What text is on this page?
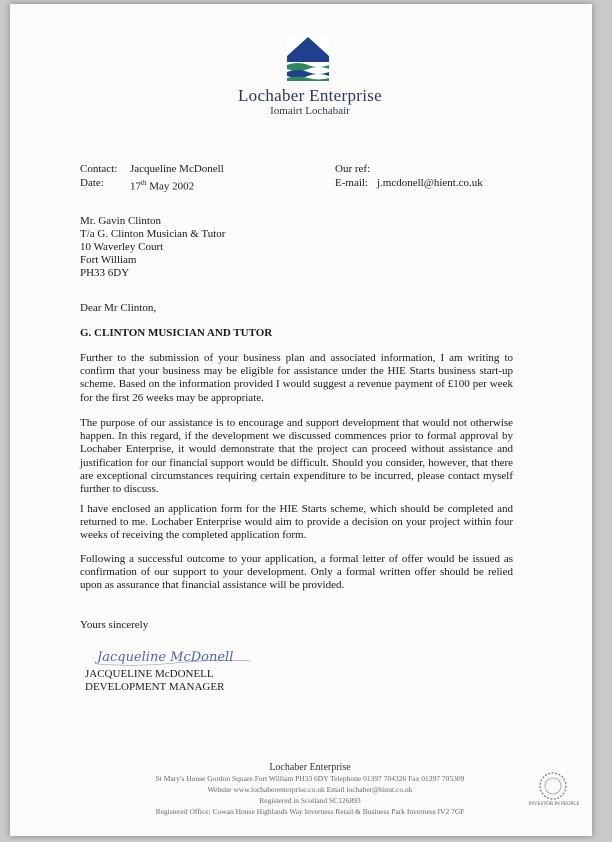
Lochaber Enterprise
Iomairt Lochabair
Contact: Jacqueline McDonell
Date: 17th May 2002
Our ref:
E-mail: j.mcdonell@hient.co.uk
Mr. Gavin Clinton
T/a G. Clinton Musician & Tutor
10 Waverley Court
Fort William
PH33 6DY
Dear Mr Clinton,
G. CLINTON MUSICIAN AND TUTOR
Further to the submission of your business plan and associated information, I am writing to confirm that your business may be eligible for assistance under the HIE Starts business start-up scheme. Based on the information provided I would suggest a revenue payment of £100 per week for the first 26 weeks may be appropriate.
The purpose of our assistance is to encourage and support development that would not otherwise happen. In this regard, if the development we discussed commences prior to formal approval by Lochaber Enterprise, it would demonstrate that the project can proceed without assistance and justification for our financial support would be difficult. Should you consider, however, that there are exceptional circumstances requiring certain expenditure to be incurred, please contact myself further to discuss.
I have enclosed an application form for the HIE Starts scheme, which should be completed and returned to me. Lochaber Enterprise would aim to provide a decision on your project within four weeks of receiving the completed application form.
Following a successful outcome to your application, a formal letter of offer would be issued as confirmation of our support to your development. Only a formal written offer should be relied upon as assurance that financial assistance will be provided.
Yours sincerely
Jacqueline McDonell
JACQUELINE McDONELL
DEVELOPMENT MANAGER
Lochaber Enterprise
St Mary's House Gordon Square Fort William PH33 6DY Telephone 01397 704326 Fax 01397 705309
Website www.lochaberenterprise.co.uk Email lochaber@hient.co.uk
Registered in Scotland SC126893
Registered Office: Cowan House Highlands Way Inverness Retail & Business Park Inverness IV2 7GF
INVESTOR IN PEOPLE
